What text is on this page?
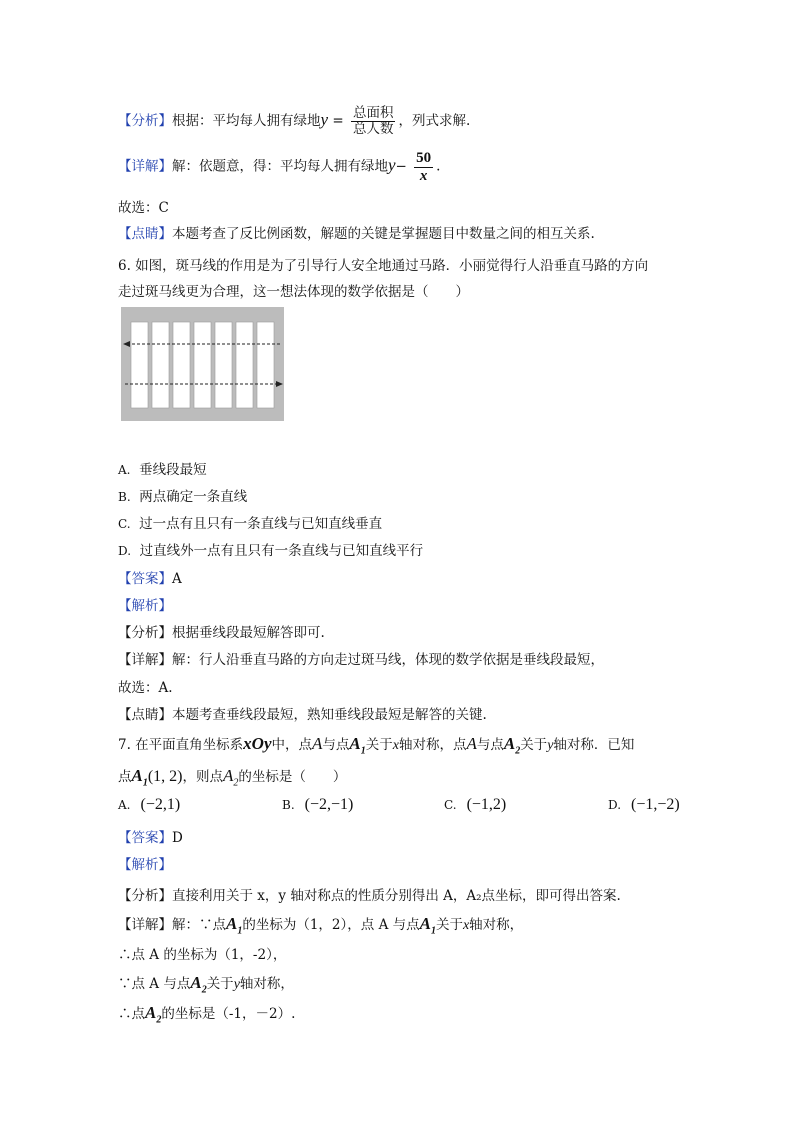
【分析】根据：平均每人拥有绿地$y = \frac{\text{总面积}}{\text{总人数}}$ ，列式求解.
【详解】解：依题意，得：平均每人拥有绿地$y- \frac{50}{x}$ .
故选：C
【点睛】本题考查了反比例函数，解题的关键是掌握题目中数量之间的相互关系.
6. 如图，斑马线的作用是为了引导行人安全地通过马路．小丽觉得行人沿垂直马路的方向
走过斑马线更为合理，这一想法体现的数学依据是（　　）
A. 垂线段最短
B. 两点确定一条直线
C. 过一点有且只有一条直线与已知直线垂直
D. 过直线外一点有且只有一条直线与已知直线平行
【答案】A
【解析】
【分析】根据垂线段最短解答即可.
【详解】解：行人沿垂直马路的方向走过斑马线，体现的数学依据是垂线段最短，
故选：A.
【点睛】本题考查垂线段最短，熟知垂线段最短是解答的关键.
7. 在平面直角坐标系xOy中，点A与点$A_1$关于x轴对称，点A与点$A_2$关于y轴对称．已知
点$A_1(1$, 2)，则点$A_2$的坐标是（　　）
A. (−2,1)	B. (−2,−1)	C. (−1,2)	D. (−1,−2)
【答案】D
【解析】
【分析】直接利用关于 x，y 轴对称点的性质分别得出 A，A₂点坐标，即可得出答案.
【详解】解：∵点$A_1$的坐标为（1，2），点 A 与点$A_1$关于x轴对称，
∴点 A 的坐标为（1，-2），
∵点 A 与点$A_2$关于y轴对称，
∴点$A_2$的坐标是（-1，－2）.
